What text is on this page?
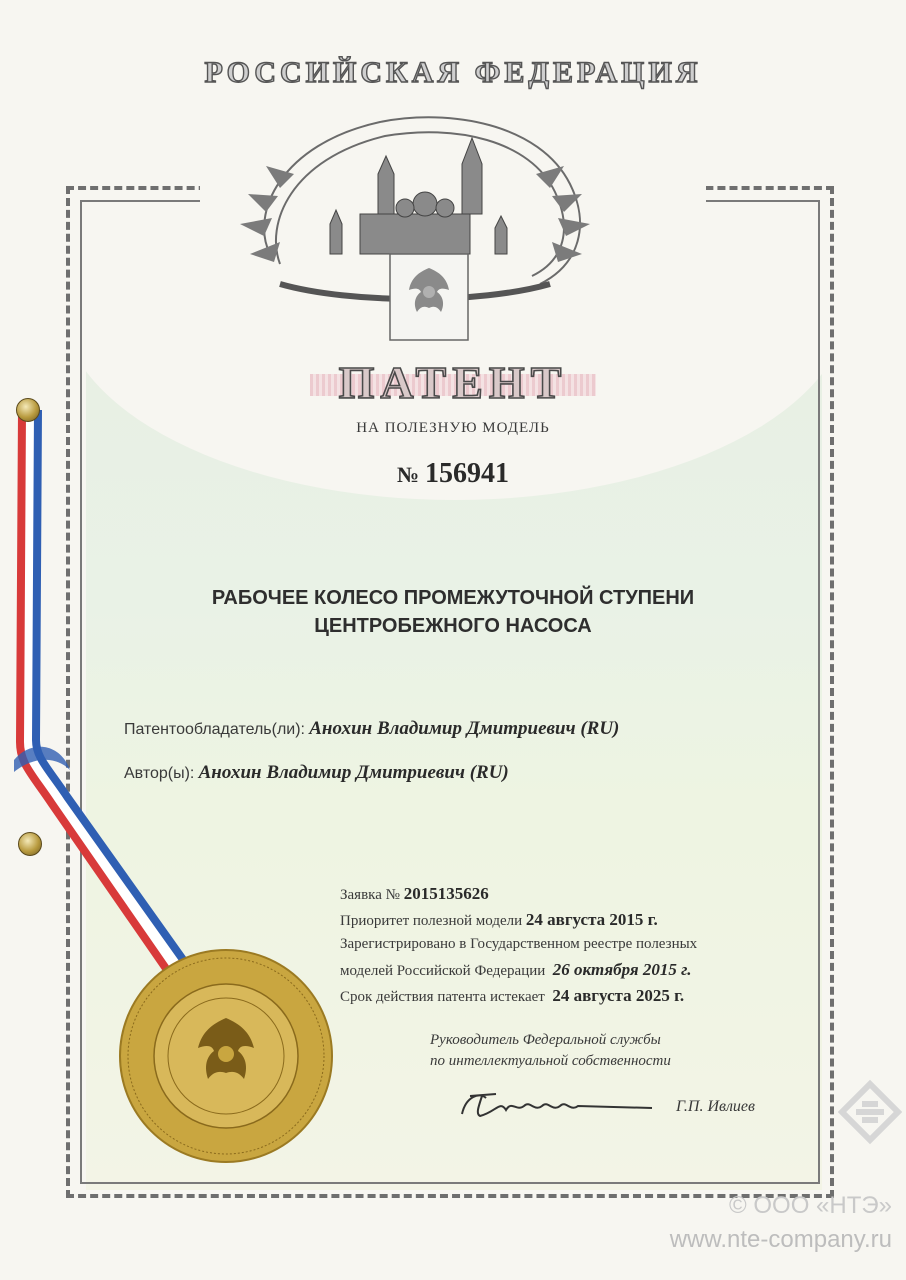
РОССИЙСКАЯ ФЕДЕРАЦИЯ
ПАТЕНТ
НА ПОЛЕЗНУЮ МОДЕЛЬ
№ 156941
РАБОЧЕЕ КОЛЕСО ПРОМЕЖУТОЧНОЙ СТУПЕНИ
ЦЕНТРОБЕЖНОГО НАСОСА
Патентообладатель(ли): Анохин Владимир Дмитриевич (RU)
Автор(ы): Анохин Владимир Дмитриевич (RU)
Заявка № 2015135626
Приоритет полезной модели 24 августа 2015 г.
Зарегистрировано в Государственном реестре полезных
моделей Российской Федерации 26 октября 2015 г.
Срок действия патента истекает 24 августа 2025 г.
Руководитель Федеральной службы
по интеллектуальной собственности
Г.П. Ивлиев
© ООО «НТЭ»
www.nte-company.ru
